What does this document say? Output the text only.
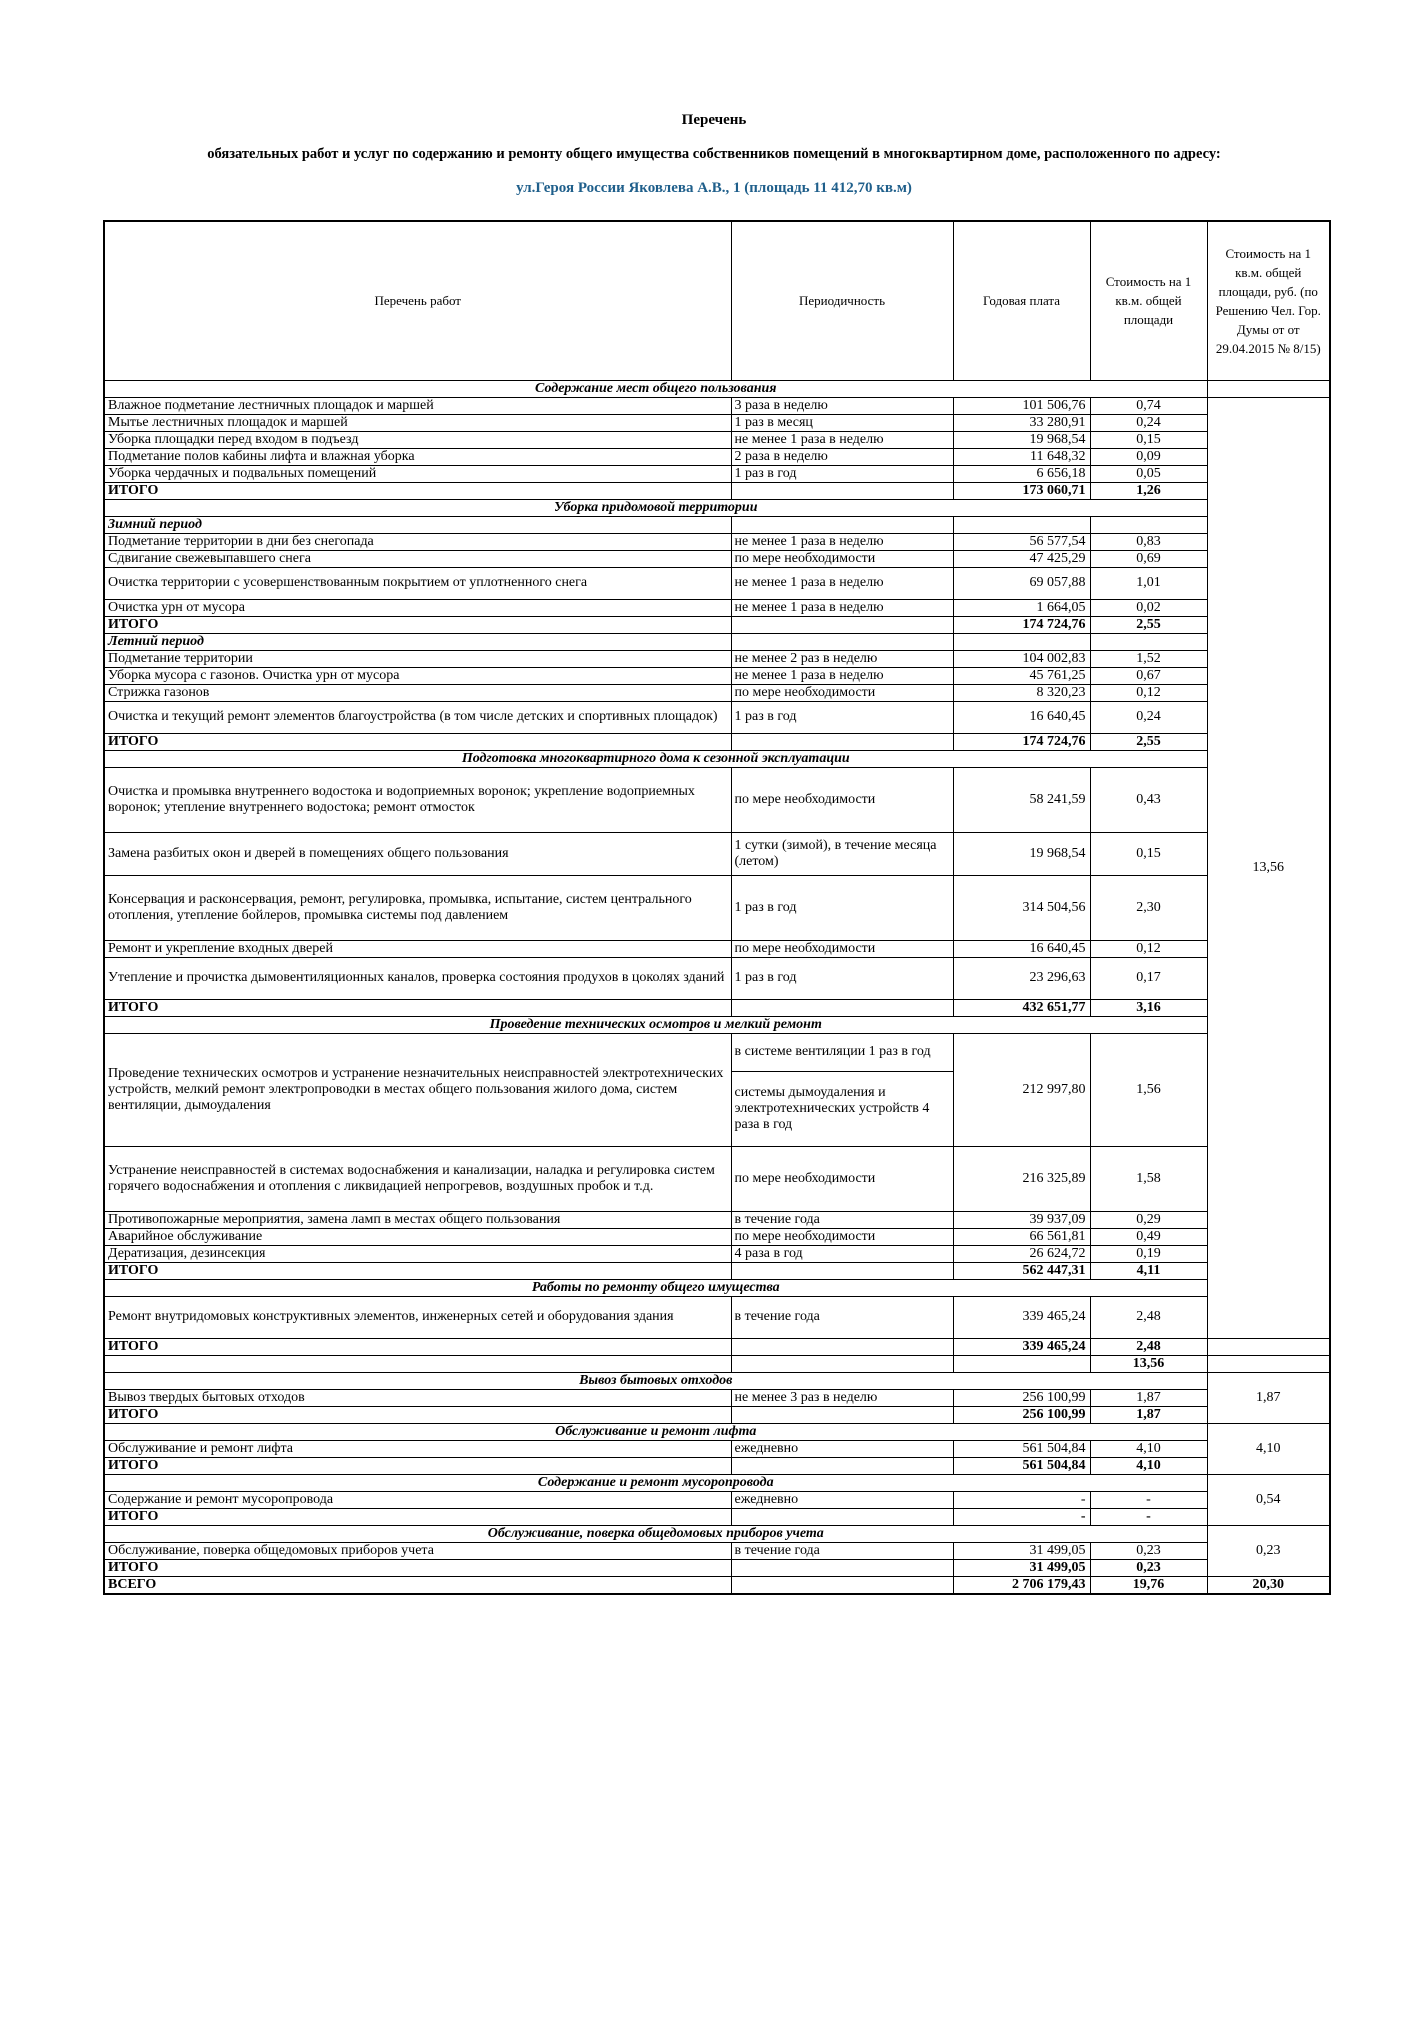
Перечень
обязательных работ и услуг по содержанию и ремонту общего имущества собственников помещений в многоквартирном доме, расположенного по адресу:
ул.Героя России Яковлева А.В., 1 (площадь 11 412,70 кв.м)
Перечень работ	Периодичность	Годовая плата	Стоимость на 1 кв.м. общей площади	Стоимость на 1 кв.м. общей площади, руб. (по Решению Чел. Гор. Думы от от 29.04.2015 № 8/15)
Содержание мест общего пользования				
Влажное подметание лестничных площадок и маршей	3 раза в неделю	101 506,76	0,74	13,56
Мытье лестничных площадок и маршей	1 раз в месяц	33 280,91	0,24	
Уборка площадки перед входом в подъезд	не менее 1 раза в неделю	19 968,54	0,15	
Подметание полов кабины лифта и влажная уборка	2 раза в неделю	11 648,32	0,09	
Уборка чердачных и подвальных помещений	1 раз в год	6 656,18	0,05	
ИТОГО		173 060,71	1,26	
Уборка придомовой территории				
Зимний период				
Подметание территории в дни без снегопада	не менее 1 раза в неделю	56 577,54	0,83	
Сдвигание свежевыпавшего снега	по мере необходимости	47 425,29	0,69	
Очистка территории с усовершенствованным покрытием от уплотненного снега	не менее 1 раза в неделю	69 057,88	1,01	
Очистка урн от мусора	не менее 1 раза в неделю	1 664,05	0,02	
ИТОГО		174 724,76	2,55	
Летний период				
Подметание территории	не менее 2 раз в неделю	104 002,83	1,52	
Уборка мусора с газонов. Очистка урн от мусора	не менее 1 раза в неделю	45 761,25	0,67	
Стрижка газонов	по мере необходимости	8 320,23	0,12	
Очистка и текущий ремонт элементов благоустройства (в том числе детских и спортивных площадок)	1 раз в год	16 640,45	0,24	
ИТОГО		174 724,76	2,55	
Подготовка многоквартирного дома к сезонной эксплуатации				
Очистка и промывка внутреннего водостока и водоприемных воронок; укрепление водоприемных воронок; утепление внутреннего водостока; ремонт отмосток	по мере необходимости	58 241,59	0,43	
Замена разбитых окон и дверей в помещениях общего пользования	1 сутки (зимой), в течение месяца (летом)	19 968,54	0,15	
Консервация и расконсервация, ремонт, регулировка, промывка, испытание, систем центрального отопления, утепление бойлеров, промывка системы под давлением	1 раз в год	314 504,56	2,30	
Ремонт и укрепление входных дверей	по мере необходимости	16 640,45	0,12	
Утепление и прочистка дымовентиляционных каналов, проверка состояния продухов в цоколях зданий	1 раз в год	23 296,63	0,17	
ИТОГО		432 651,77	3,16	
Проведение технических осмотров и мелкий ремонт				
Проведение технических осмотров и устранение незначительных неисправностей электротехнических устройств, мелкий ремонт электропроводки в местах общего пользования жилого дома, систем вентиляции, дымоудаления	в системе вентиляции 1 раз в год	212 997,80	1,56	
	системы дымоудаления и электротехнических устройств 4 раза в год			
Устранение неисправностей в системах водоснабжения и канализации, наладка и регулировка систем горячего водоснабжения и отопления с ликвидацией непрогревов, воздушных пробок и т.д.	по мере необходимости	216 325,89	1,58	
Противопожарные мероприятия, замена ламп в местах общего пользования	в течение года	39 937,09	0,29	
Аварийное обслуживание	по мере необходимости	66 561,81	0,49	
Дератизация, дезинсекция	4 раза в год	26 624,72	0,19	
ИТОГО		562 447,31	4,11	
Работы по ремонту общего имущества				
Ремонт внутридомовых конструктивных элементов, инженерных сетей и оборудования здания	в течение года	339 465,24	2,48	
ИТОГО		339 465,24	2,48	
			13,56	
Вывоз бытовых отходов				1,87
Вывоз твердых бытовых отходов	не менее 3 раз в неделю	256 100,99	1,87	
ИТОГО		256 100,99	1,87	
Обслуживание и ремонт лифта				4,10
Обслуживание и ремонт лифта	ежедневно	561 504,84	4,10	
ИТОГО		561 504,84	4,10	
Содержание и ремонт мусоропровода				0,54
Содержание и ремонт мусоропровода	ежедневно	-	-	
ИТОГО		-	-	
Обслуживание, поверка общедомовых приборов учета				0,23
Обслуживание, поверка общедомовых приборов учета	в течение года	31 499,05	0,23	
ИТОГО		31 499,05	0,23	
ВСЕГО		2 706 179,43	19,76	20,30
